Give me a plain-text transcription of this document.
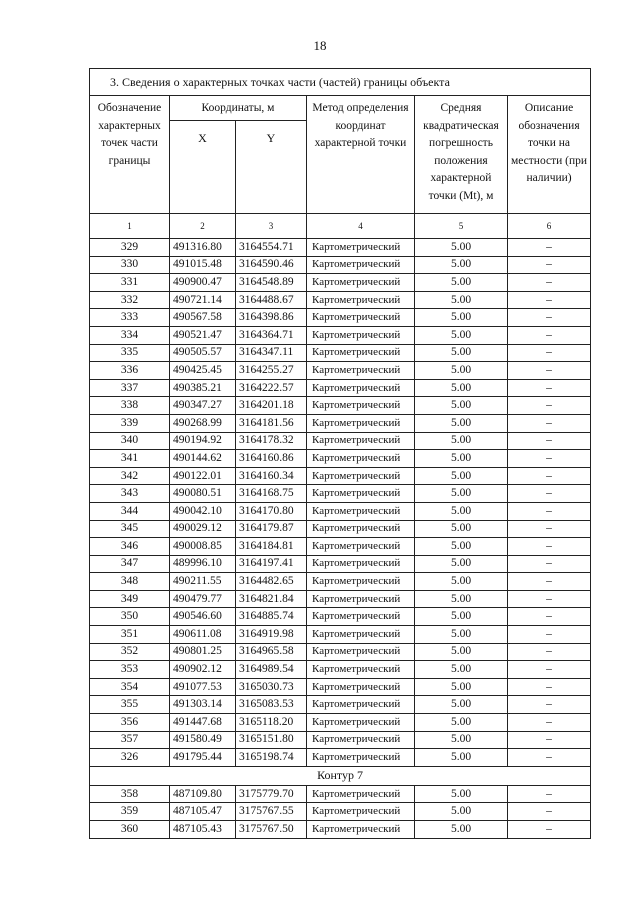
18
3. Сведения о характерных точках части (частей) границы объекта					
Обозначение характерных точек части границы	Координаты, м		Метод определения координат характерной точки	Средняя квадратическая погрешность положения характерной точки (Mt), м	Описание обозначения точки на местности (при наличии)
	X	Y			
1	2	3	4	5	6
329	491316.80	3164554.71	Картометрический	5.00	–
330	491015.48	3164590.46	Картометрический	5.00	–
331	490900.47	3164548.89	Картометрический	5.00	–
332	490721.14	3164488.67	Картометрический	5.00	–
333	490567.58	3164398.86	Картометрический	5.00	–
334	490521.47	3164364.71	Картометрический	5.00	–
335	490505.57	3164347.11	Картометрический	5.00	–
336	490425.45	3164255.27	Картометрический	5.00	–
337	490385.21	3164222.57	Картометрический	5.00	–
338	490347.27	3164201.18	Картометрический	5.00	–
339	490268.99	3164181.56	Картометрический	5.00	–
340	490194.92	3164178.32	Картометрический	5.00	–
341	490144.62	3164160.86	Картометрический	5.00	–
342	490122.01	3164160.34	Картометрический	5.00	–
343	490080.51	3164168.75	Картометрический	5.00	–
344	490042.10	3164170.80	Картометрический	5.00	–
345	490029.12	3164179.87	Картометрический	5.00	–
346	490008.85	3164184.81	Картометрический	5.00	–
347	489996.10	3164197.41	Картометрический	5.00	–
348	490211.55	3164482.65	Картометрический	5.00	–
349	490479.77	3164821.84	Картометрический	5.00	–
350	490546.60	3164885.74	Картометрический	5.00	–
351	490611.08	3164919.98	Картометрический	5.00	–
352	490801.25	3164965.58	Картометрический	5.00	–
353	490902.12	3164989.54	Картометрический	5.00	–
354	491077.53	3165030.73	Картометрический	5.00	–
355	491303.14	3165083.53	Картометрический	5.00	–
356	491447.68	3165118.20	Картометрический	5.00	–
357	491580.49	3165151.80	Картометрический	5.00	–
326	491795.44	3165198.74	Картометрический	5.00	–
Контур 7					
358	487109.80	3175779.70	Картометрический	5.00	–
359	487105.47	3175767.55	Картометрический	5.00	–
360	487105.43	3175767.50	Картометрический	5.00	–
